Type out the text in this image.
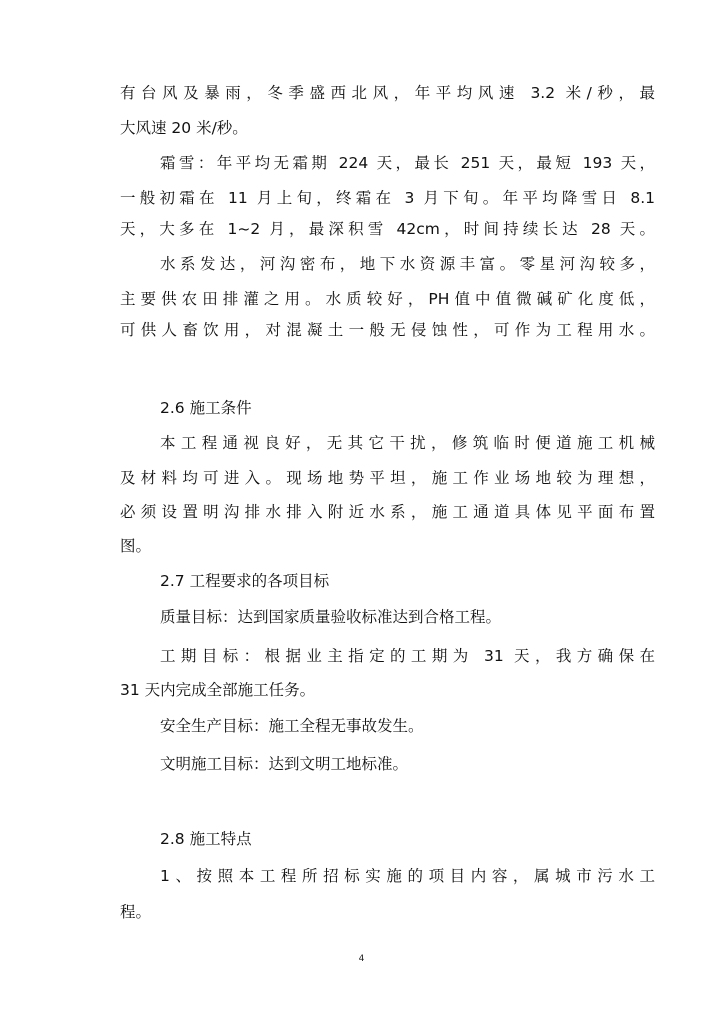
有台风及暴雨，冬季盛西北风，年平均风速 3.2 米/秒，最
大风速 20 米/秒。
霜雪：年平均无霜期 224 天，最长 251 天，最短 193 天，
一般初霜在 11 月上旬，终霜在 3 月下旬。年平均降雪日 8.1
天，大多在 1~2 月，最深积雪 42cm，时间持续长达 28 天。
水系发达，河沟密布，地下水资源丰富。零星河沟较多，
主要供农田排灌之用。水质较好，PH值中值微碱矿化度低，
可供人畜饮用，对混凝土一般无侵蚀性，可作为工程用水。
2.6 施工条件
本工程通视良好，无其它干扰，修筑临时便道施工机械
及材料均可进入。现场地势平坦，施工作业场地较为理想，
必须设置明沟排水排入附近水系，施工通道具体见平面布置
图。
2.7 工程要求的各项目标
质量目标：达到国家质量验收标准达到合格工程。
工期目标：根据业主指定的工期为 31 天，我方确保在
31 天内完成全部施工任务。
安全生产目标：施工全程无事故发生。
文明施工目标：达到文明工地标准。
2.8 施工特点
1、按照本工程所招标实施的项目内容，属城市污水工
程。
4
